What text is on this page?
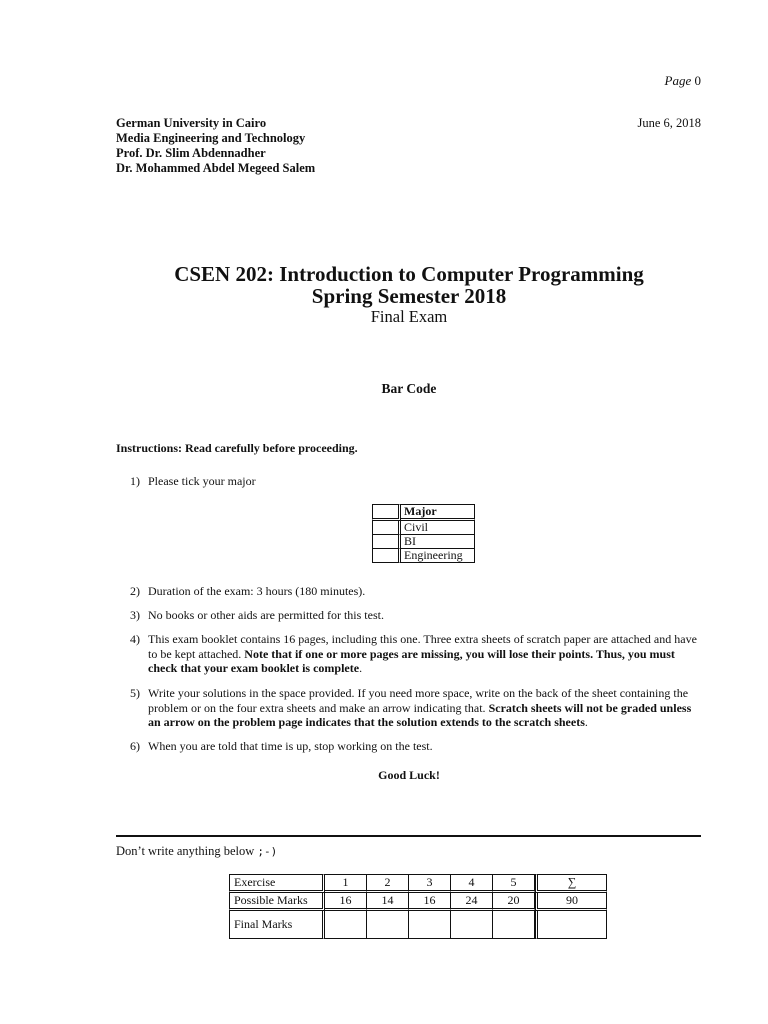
Page 0
German University in Cairo
Media Engineering and Technology
Prof. Dr. Slim Abdennadher
Dr. Mohammed Abdel Megeed Salem
June 6, 2018
CSEN 202: Introduction to Computer Programming
Spring Semester 2018
Final Exam
Bar Code
Instructions: Read carefully before proceeding.
1) Please tick your major
	Major
	Civil
	BI
	Engineering
2) Duration of the exam: 3 hours (180 minutes).
3) No books or other aids are permitted for this test.
4) This exam booklet contains 16 pages, including this one. Three extra sheets of scratch paper are attached and have to be kept attached. Note that if one or more pages are missing, you will lose their points. Thus, you must check that your exam booklet is complete.
5) Write your solutions in the space provided. If you need more space, write on the back of the sheet containing the problem or on the four extra sheets and make an arrow indicating that. Scratch sheets will not be graded unless an arrow on the problem page indicates that the solution extends to the scratch sheets.
6) When you are told that time is up, stop working on the test.
Good Luck!
Don’t write anything below ;-)
Exercise	1	2	3	4	5	∑
Possible Marks	16	14	16	24	20	90
Final Marks						
